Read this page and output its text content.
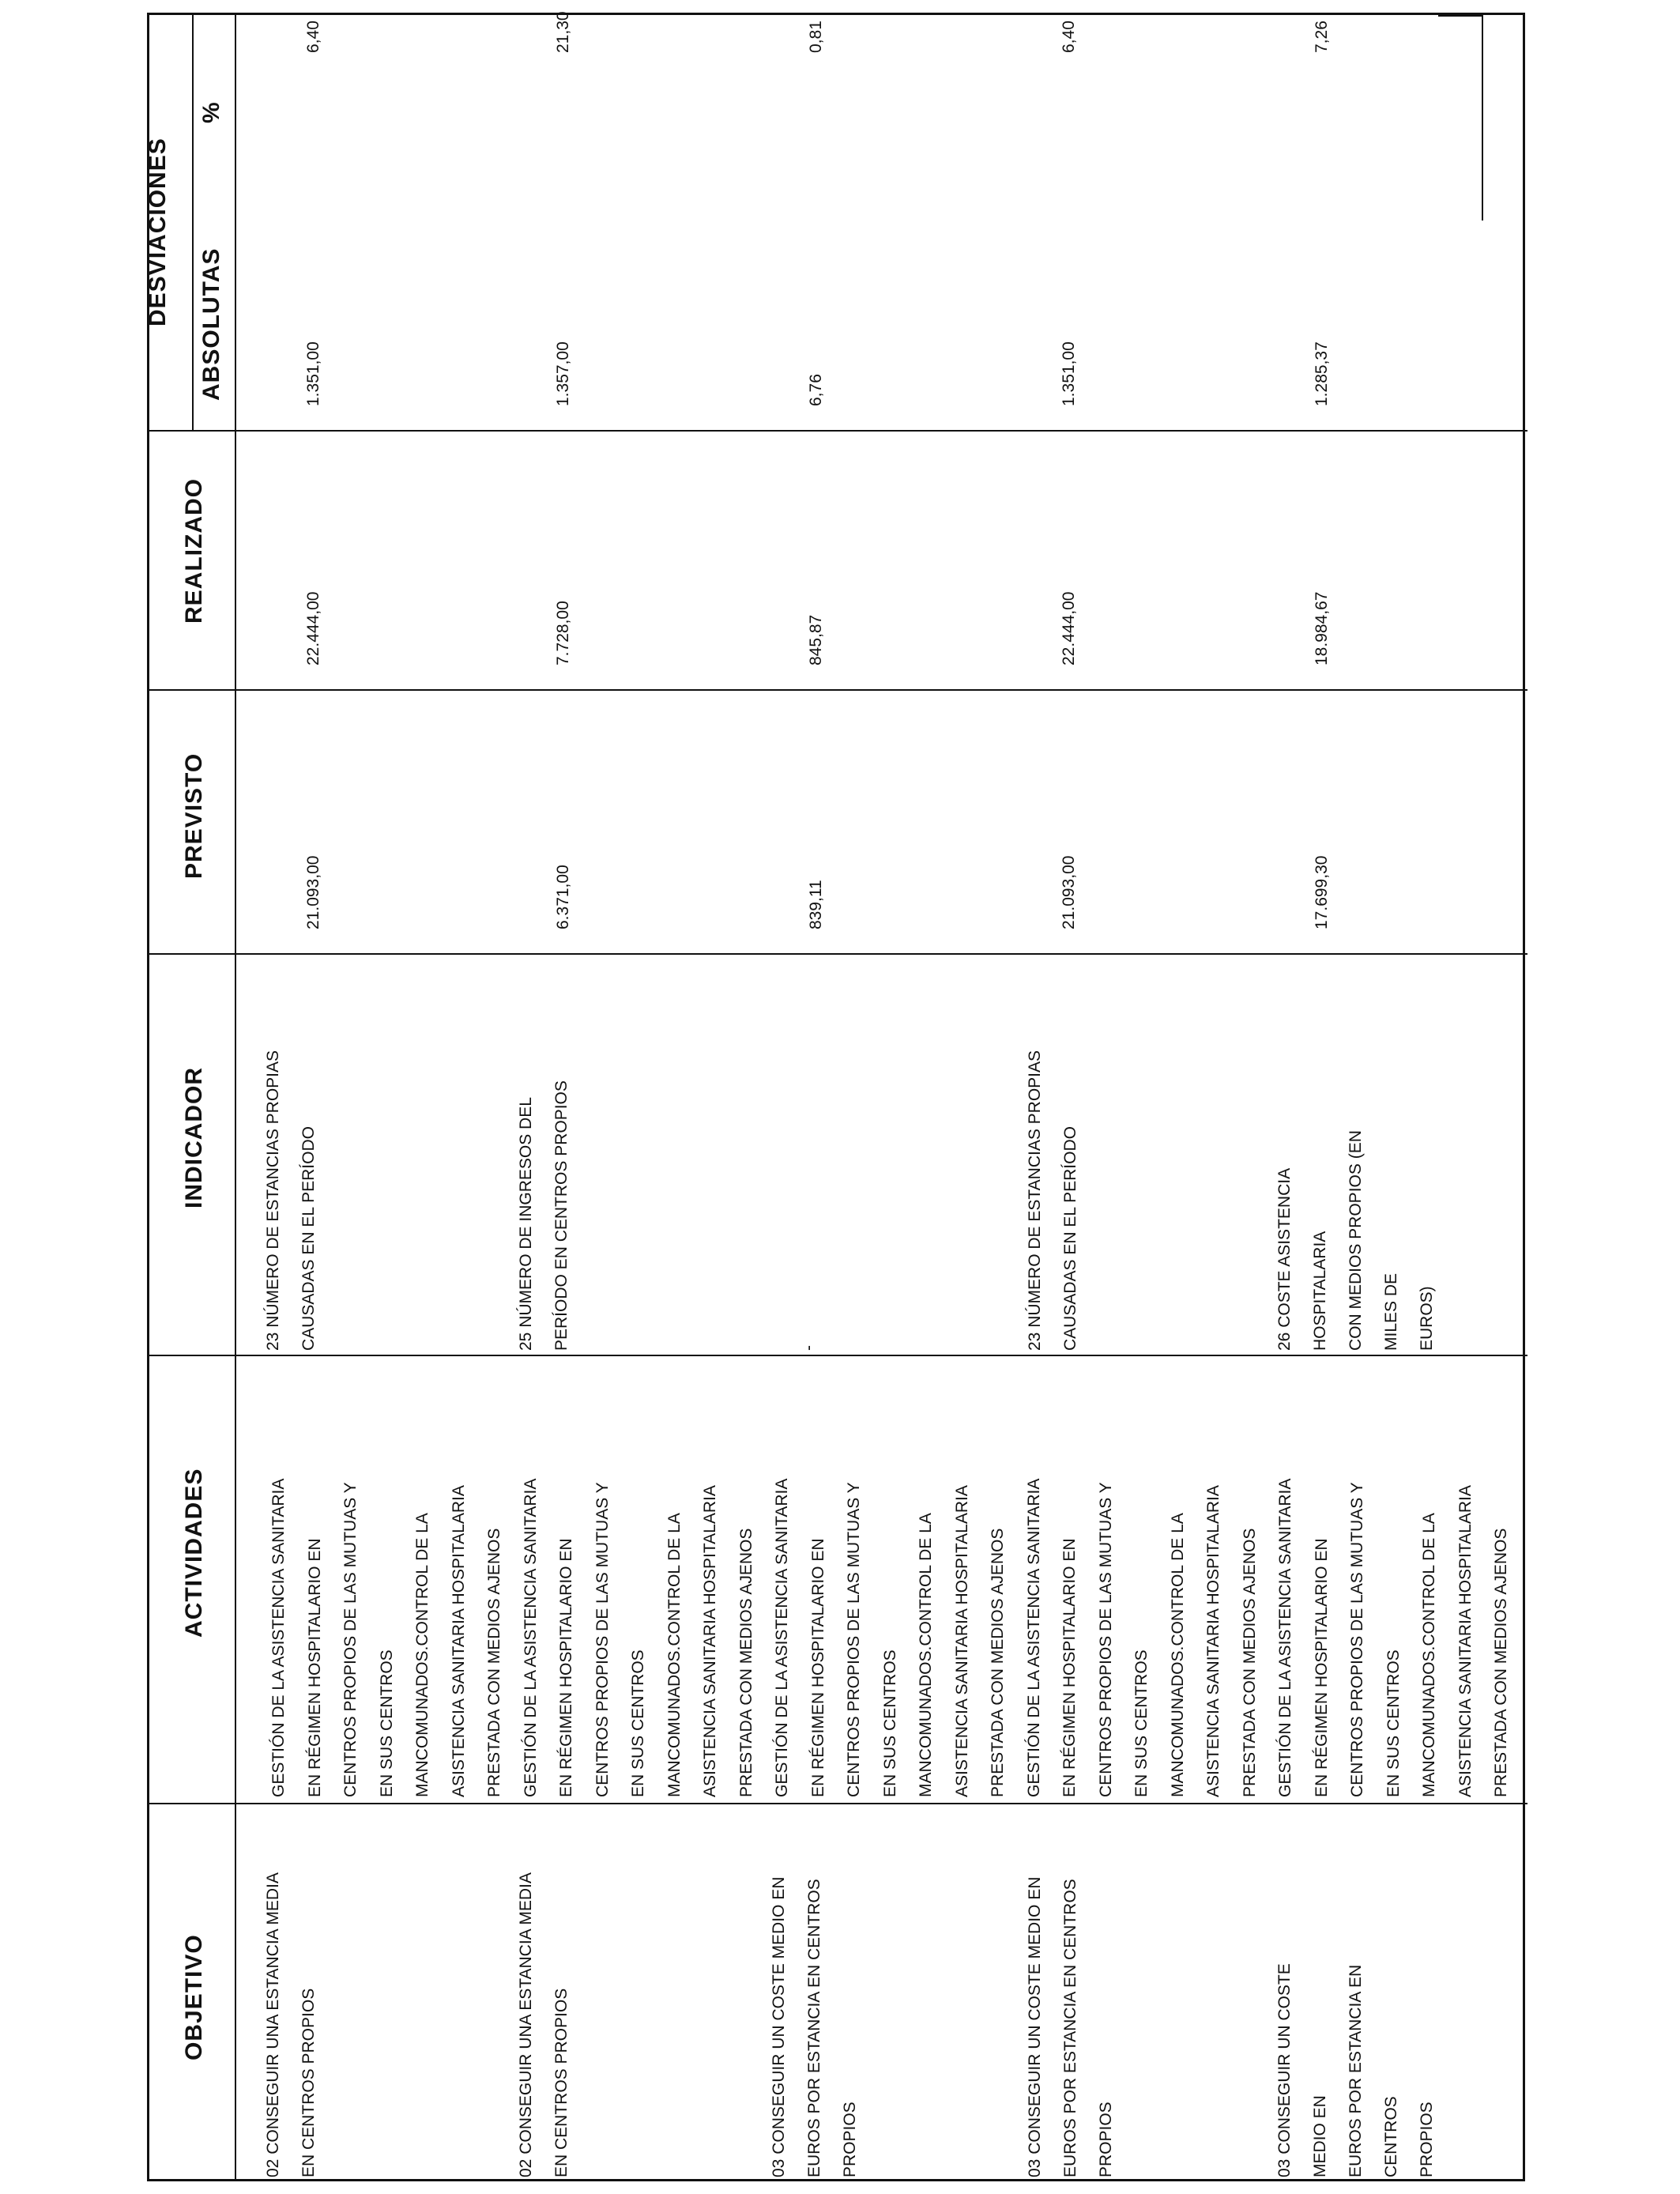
OBJETIVO
ACTIVIDADES
INDICADOR
PREVISTO
REALIZADO
DESVIACIONES ABSOLUTAS
%
02 CONSEGUIR UNA ESTANCIA MEDIA
EN CENTROS PROPIOS
23 NÚMERO DE ESTANCIAS PROPIAS
CAUSADAS EN EL PERÍODO
21.093,00
22.444,00
1.351,00
6,40
02 CONSEGUIR UNA ESTANCIA MEDIA
EN CENTROS PROPIOS
25 NÚMERO DE INGRESOS DEL
PERÍODO EN CENTROS PROPIOS
6.371,00
7.728,00
1.357,00
21,30
03 CONSEGUIR UN COSTE MEDIO EN
EUROS POR ESTANCIA EN CENTROS
PROPIOS
-
839,11
845,87
6,76
0,81
03 CONSEGUIR UN COSTE MEDIO EN
EUROS POR ESTANCIA EN CENTROS
PROPIOS
23 NÚMERO DE ESTANCIAS PROPIAS
CAUSADAS EN EL PERÍODO
21.093,00
22.444,00
1.351,00
6,40
03 CONSEGUIR UN COSTE MEDIO EN
EUROS POR ESTANCIA EN CENTROS
PROPIOS
26 COSTE ASISTENCIA HOSPITALARIA
CON MEDIOS PROPIOS (EN MILES DE
EUROS)
17.699,30
18.984,67
1.285,37
7,26
GESTIÓN DE LA ASISTENCIA SANITARIA
EN RÉGIMEN HOSPITALARIO EN
CENTROS PROPIOS DE LAS MUTUAS Y
EN SUS CENTROS
MANCOMUNADOS.CONTROL DE LA
ASISTENCIA SANITARIA HOSPITALARIA
PRESTADA CON MEDIOS AJENOS
GESTIÓN DE LA ASISTENCIA SANITARIA
EN RÉGIMEN HOSPITALARIO EN
CENTROS PROPIOS DE LAS MUTUAS Y
EN SUS CENTROS
MANCOMUNADOS.CONTROL DE LA
ASISTENCIA SANITARIA HOSPITALARIA
PRESTADA CON MEDIOS AJENOS
GESTIÓN DE LA ASISTENCIA SANITARIA
EN RÉGIMEN HOSPITALARIO EN
CENTROS PROPIOS DE LAS MUTUAS Y
EN SUS CENTROS
MANCOMUNADOS.CONTROL DE LA
ASISTENCIA SANITARIA HOSPITALARIA
PRESTADA CON MEDIOS AJENOS
GESTIÓN DE LA ASISTENCIA SANITARIA
EN RÉGIMEN HOSPITALARIO EN
CENTROS PROPIOS DE LAS MUTUAS Y
EN SUS CENTROS
MANCOMUNADOS.CONTROL DE LA
ASISTENCIA SANITARIA HOSPITALARIA
PRESTADA CON MEDIOS AJENOS
GESTIÓN DE LA ASISTENCIA SANITARIA
EN RÉGIMEN HOSPITALARIO EN
CENTROS PROPIOS DE LAS MUTUAS Y
EN SUS CENTROS
MANCOMUNADOS.CONTROL DE LA
ASISTENCIA SANITARIA HOSPITALARIA
PRESTADA CON MEDIOS AJENOS
